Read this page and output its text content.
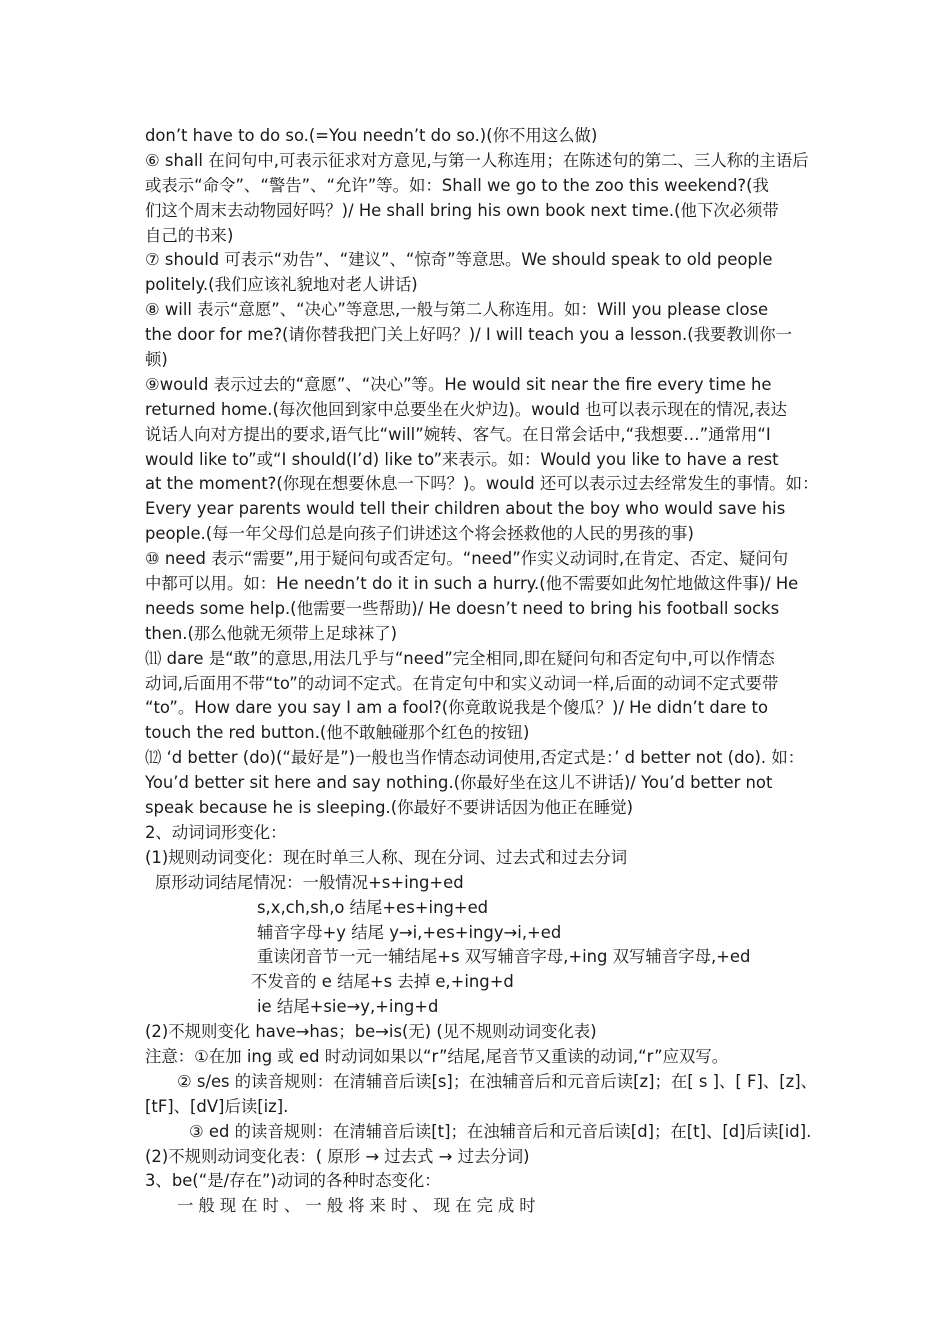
don’t have to do so.(=You needn’t do so.)(你不用这么做)
⑥ shall 在问句中,可表示征求对方意见,与第一人称连用；在陈述句的第二、三人称的主语后
或表示“命令”、“警告”、“允许”等。如：Shall we go to the zoo this weekend?(我
们这个周末去动物园好吗？)/ He shall bring his own book next time.(他下次必须带
自己的书来)
⑦ should 可表示“劝告”、“建议”、“惊奇”等意思。We should speak to old people
politely.(我们应该礼貌地对老人讲话)
⑧ will 表示“意愿”、“决心”等意思,一般与第二人称连用。如：Will you please close
the door for me?(请你替我把门关上好吗？)/ I will teach you a lesson.(我要教训你一
顿)
⑨would 表示过去的“意愿”、“决心”等。He would sit near the fire every time he
returned home.(每次他回到家中总要坐在火炉边)。would 也可以表示现在的情况,表达
说话人向对方提出的要求,语气比“will”婉转、客气。在日常会话中,“我想要…”通常用“I
would like to”或“I should(I’d) like to”来表示。如：Would you like to have a rest
at the moment?(你现在想要休息一下吗？)。would 还可以表示过去经常发生的事情。如：
Every year parents would tell their children about the boy who would save his
people.(每一年父母们总是向孩子们讲述这个将会拯救他的人民的男孩的事)
⑩ need 表示“需要”,用于疑问句或否定句。“need”作实义动词时,在肯定、否定、疑问句
中都可以用。如：He needn’t do it in such a hurry.(他不需要如此匆忙地做这件事)/ He
needs some help.(他需要一些帮助)/ He doesn’t need to bring his football socks
then.(那么他就无须带上足球袜了)
⑾ dare 是“敢”的意思,用法几乎与“need”完全相同,即在疑问句和否定句中,可以作情态
动词,后面用不带“to”的动词不定式。在肯定句中和实义动词一样,后面的动词不定式要带
“to”。How dare you say I am a fool?(你竟敢说我是个傻瓜？)/ He didn’t dare to
touch the red button.(他不敢触碰那个红色的按钮)
⑿ ‘d better (do)(“最好是”)一般也当作情态动词使用,否定式是：’ d better not (do). 如：
You’d better sit here and say nothing.(你最好坐在这儿不讲话)/ You’d better not
speak because he is sleeping.(你最好不要讲话因为他正在睡觉)
2、动词词形变化：
(1)规则动词变化：现在时单三人称、现在分词、过去式和过去分词
原形动词结尾情况：一般情况+s+ing+ed
s,x,ch,sh,o 结尾+es+ing+ed
辅音字母+y 结尾 y→i,+es+ingy→i,+ed
重读闭音节一元一辅结尾+s 双写辅音字母,+ing 双写辅音字母,+ed
不发音的 e 结尾+s 去掉 e,+ing+d
ie 结尾+sie→y,+ing+d
(2)不规则变化 have→has；be→is(无) (见不规则动词变化表)
注意：①在加 ing 或 ed 时动词如果以“r”结尾,尾音节又重读的动词,“r”应双写。
② s/es 的读音规则：在清辅音后读[s]；在浊辅音后和元音后读[z]；在[ s ]、[ F]、[z]、
[tF]、[dV]后读[iz].
③ ed 的读音规则：在清辅音后读[t]；在浊辅音后和元音后读[d]；在[t]、[d]后读[id].
(2)不规则动词变化表：( 原形 → 过去式 → 过去分词)
3、be(“是/存在”)动词的各种时态变化：
一般现在时、一般将来时、现在完成时
